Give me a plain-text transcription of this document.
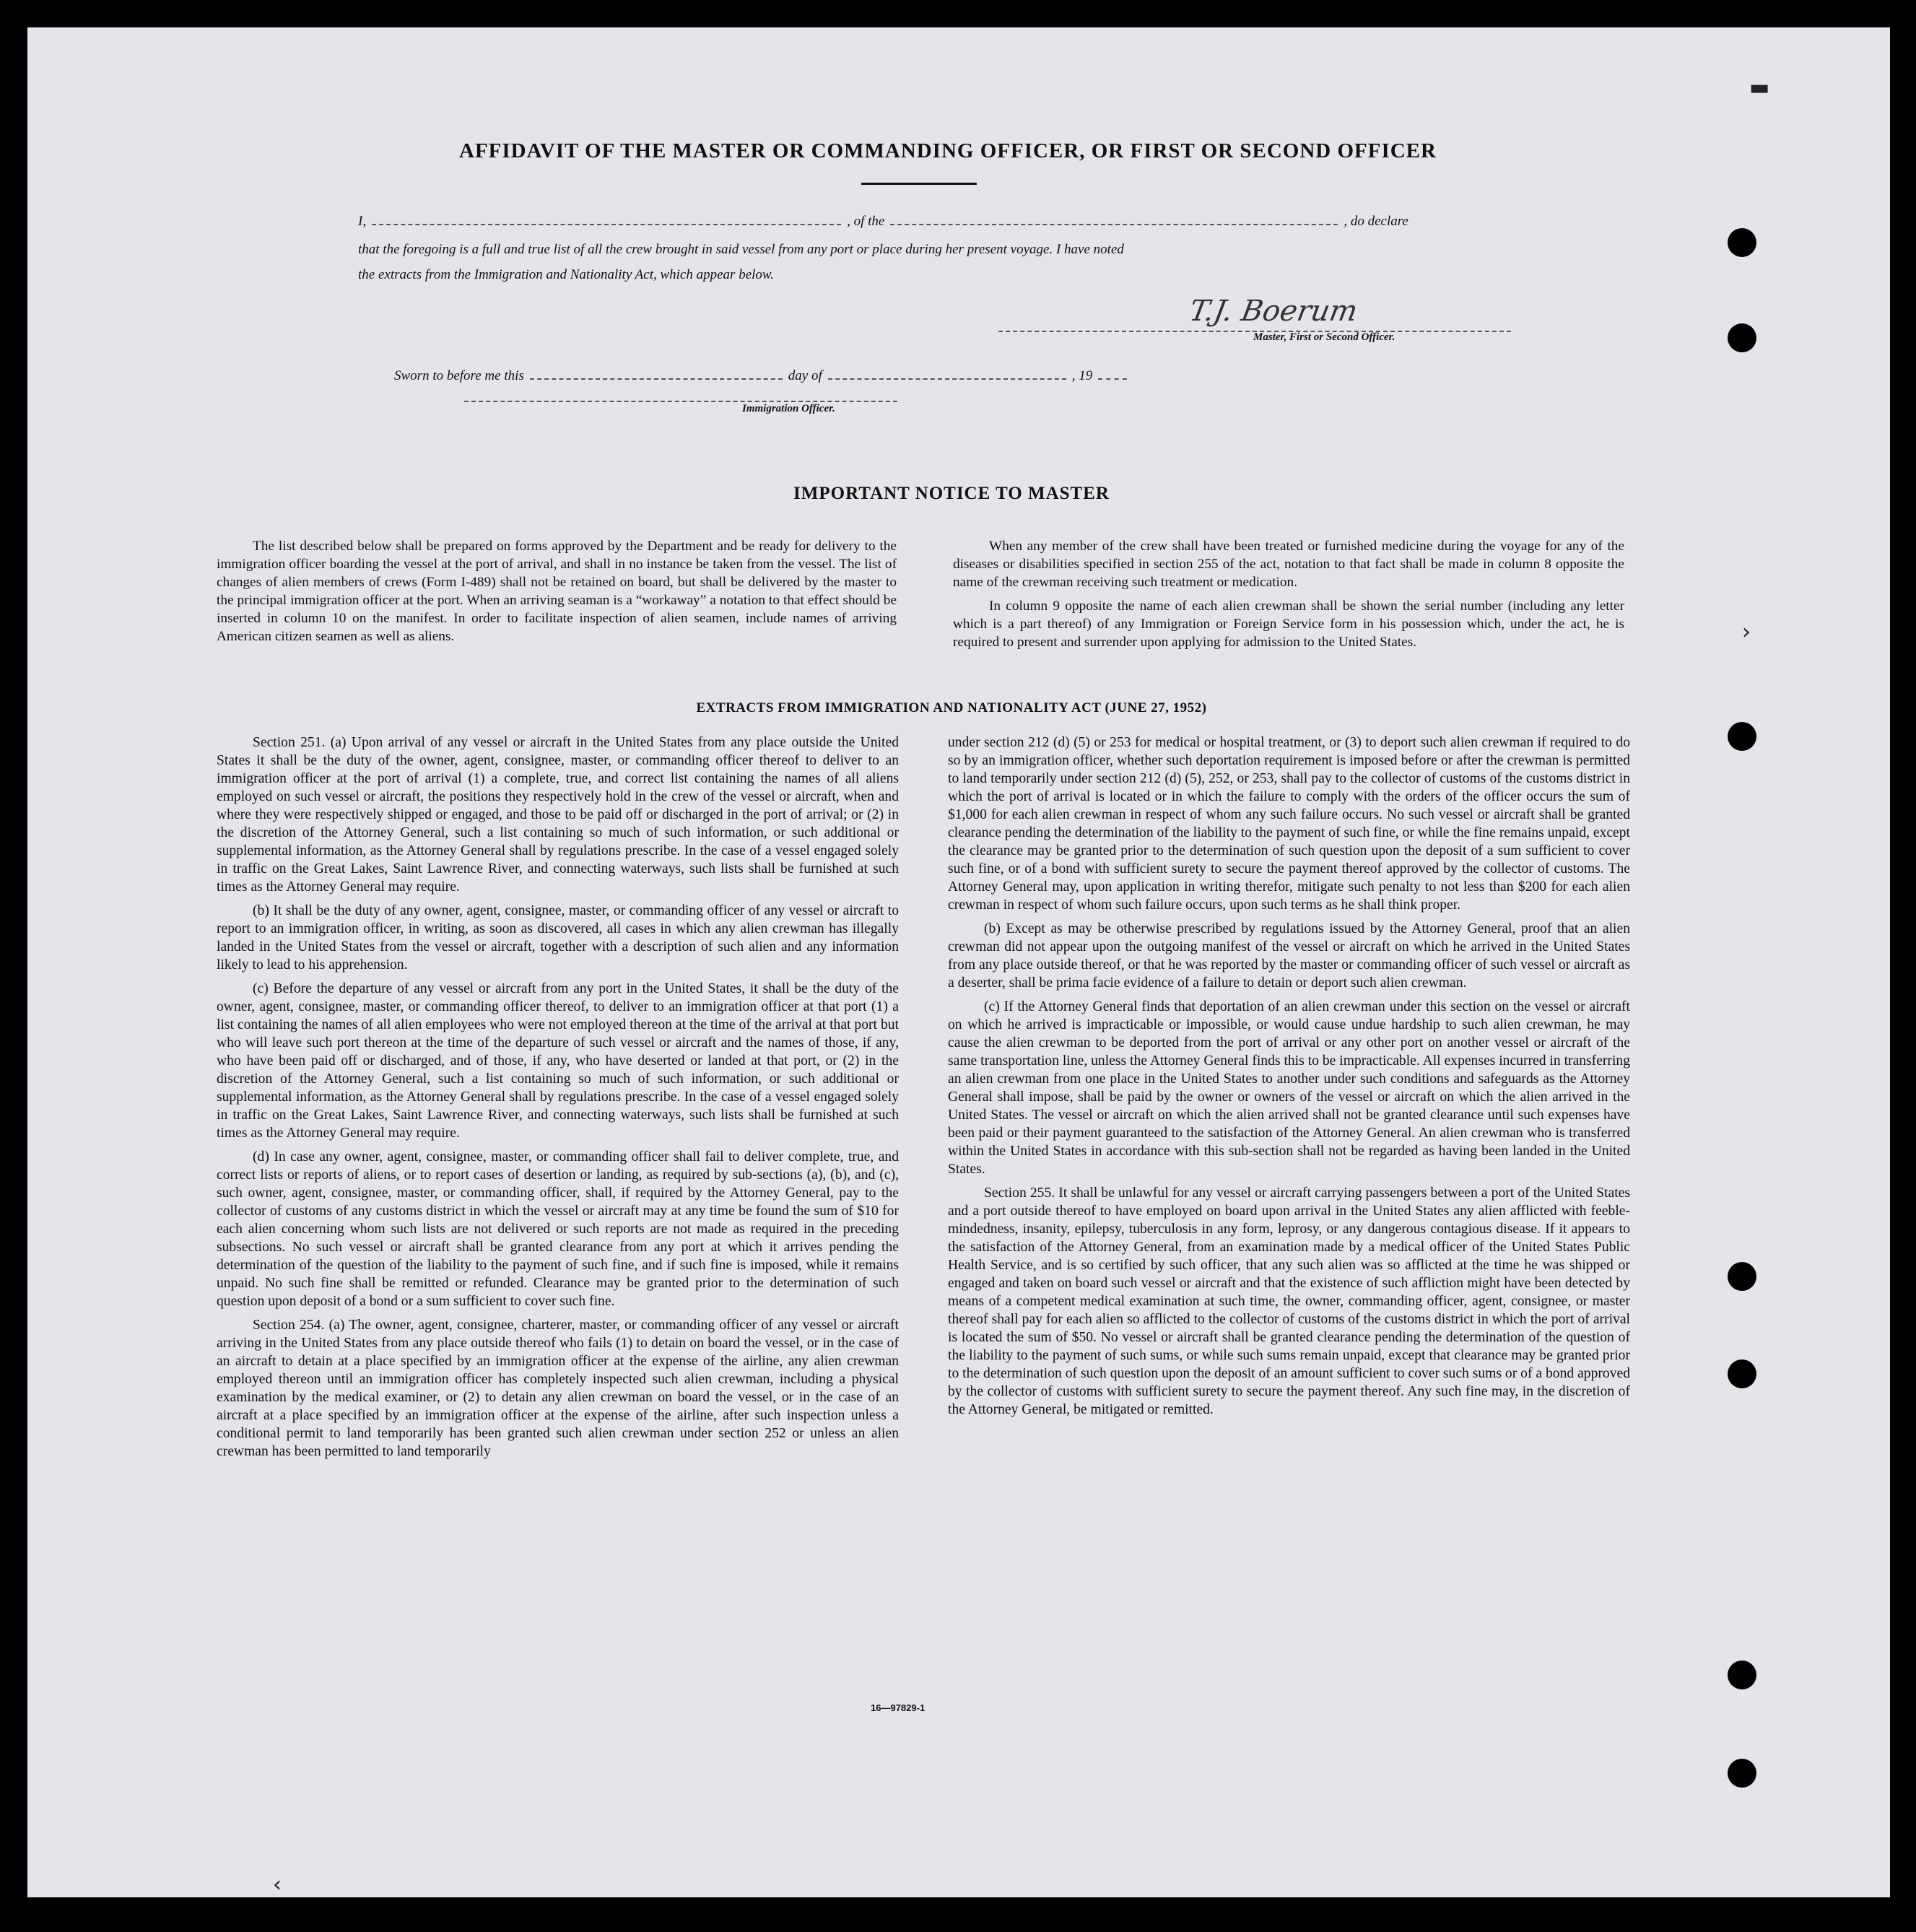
▬
›
‹
AFFIDAVIT OF THE MASTER OR COMMANDING OFFICER, OR FIRST OR SECOND OFFICER
I,	, of the	, do declare
that the foregoing is a full and true list of all the crew brought in said vessel from any port or place during her present voyage. I have noted
the extracts from the Immigration and Nationality Act, which appear below.
T.J. Boerum
Master, First or Second Officer.
Sworn to before me this	day of	, 19
Immigration Officer.
IMPORTANT NOTICE TO MASTER

The list described below shall be prepared on forms approved by the Department and be ready for delivery to the immigration officer boarding the vessel at the port of arrival, and shall in no instance be taken from the vessel. The list of changes of alien members of crews (Form I-489) shall not be retained on board, but shall be delivered by the master to the principal immigration officer at the port. When an arriving seaman is a “workaway” a notation to that effect should be inserted in column 10 on the manifest. In order to facilitate inspection of alien seamen, include names of arriving American citizen seamen as well as aliens.

When any member of the crew shall have been treated or furnished medicine during the voyage for any of the diseases or disabilities specified in section 255 of the act, notation to that fact shall be made in column 8 opposite the name of the crewman receiving such treatment or medication.

In column 9 opposite the name of each alien crewman shall be shown the serial number (including any letter which is a part thereof) of any Immigration or Foreign Service form in his possession which, under the act, he is required to present and surrender upon applying for admission to the United States.

EXTRACTS FROM IMMIGRATION AND NATIONALITY ACT (JUNE 27, 1952)

Section 251. (a) Upon arrival of any vessel or aircraft in the United States from any place outside the United States it shall be the duty of the owner, agent, consignee, master, or commanding officer thereof to deliver to an immigration officer at the port of arrival (1) a complete, true, and correct list containing the names of all aliens employed on such vessel or aircraft, the positions they respectively hold in the crew of the vessel or aircraft, when and where they were respectively shipped or engaged, and those to be paid off or discharged in the port of arrival; or (2) in the discretion of the Attorney General, such a list containing so much of such information, or such additional or supplemental information, as the Attorney General shall by regulations prescribe. In the case of a vessel engaged solely in traffic on the Great Lakes, Saint Lawrence River, and connecting waterways, such lists shall be furnished at such times as the Attorney General may require.

(b) It shall be the duty of any owner, agent, consignee, master, or commanding officer of any vessel or aircraft to report to an immigration officer, in writing, as soon as discovered, all cases in which any alien crewman has illegally landed in the United States from the vessel or aircraft, together with a description of such alien and any information likely to lead to his apprehension.

(c) Before the departure of any vessel or aircraft from any port in the United States, it shall be the duty of the owner, agent, consignee, master, or commanding officer thereof, to deliver to an immigration officer at that port (1) a list containing the names of all alien employees who were not employed thereon at the time of the arrival at that port but who will leave such port thereon at the time of the departure of such vessel or aircraft and the names of those, if any, who have been paid off or discharged, and of those, if any, who have deserted or landed at that port, or (2) in the discretion of the Attorney General, such a list containing so much of such information, or such additional or supplemental information, as the Attorney General shall by regulations prescribe. In the case of a vessel engaged solely in traffic on the Great Lakes, Saint Lawrence River, and connecting waterways, such lists shall be furnished at such times as the Attorney General may require.

(d) In case any owner, agent, consignee, master, or commanding officer shall fail to deliver complete, true, and correct lists or reports of aliens, or to report cases of desertion or landing, as required by sub-sections (a), (b), and (c), such owner, agent, consignee, master, or commanding officer, shall, if required by the Attorney General, pay to the collector of customs of any customs district in which the vessel or aircraft may at any time be found the sum of $10 for each alien concerning whom such lists are not delivered or such reports are not made as required in the preceding subsections. No such vessel or aircraft shall be granted clearance from any port at which it arrives pending the determination of the question of the liability to the payment of such fine, and if such fine is imposed, while it remains unpaid. No such fine shall be remitted or refunded. Clearance may be granted prior to the determination of such question upon deposit of a bond or a sum sufficient to cover such fine.

Section 254. (a) The owner, agent, consignee, charterer, master, or commanding officer of any vessel or aircraft arriving in the United States from any place outside thereof who fails (1) to detain on board the vessel, or in the case of an aircraft to detain at a place specified by an immigration officer at the expense of the airline, any alien crewman employed thereon until an immigration officer has completely inspected such alien crewman, including a physical examination by the medical examiner, or (2) to detain any alien crewman on board the vessel, or in the case of an aircraft at a place specified by an immigration officer at the expense of the airline, after such inspection unless a conditional permit to land temporarily has been granted such alien crewman under section 252 or unless an alien crewman has been permitted to land temporarily

under section 212 (d) (5) or 253 for medical or hospital treatment, or (3) to deport such alien crewman if required to do so by an immigration officer, whether such deportation requirement is imposed before or after the crewman is permitted to land temporarily under section 212 (d) (5), 252, or 253, shall pay to the collector of customs of the customs district in which the port of arrival is located or in which the failure to comply with the orders of the officer occurs the sum of $1,000 for each alien crewman in respect of whom any such failure occurs. No such vessel or aircraft shall be granted clearance pending the determination of the liability to the payment of such fine, or while the fine remains unpaid, except the clearance may be granted prior to the determination of such question upon the deposit of a sum sufficient to cover such fine, or of a bond with sufficient surety to secure the payment thereof approved by the collector of customs. The Attorney General may, upon application in writing therefor, mitigate such penalty to not less than $200 for each alien crewman in respect of whom such failure occurs, upon such terms as he shall think proper.

(b) Except as may be otherwise prescribed by regulations issued by the Attorney General, proof that an alien crewman did not appear upon the outgoing manifest of the vessel or aircraft on which he arrived in the United States from any place outside thereof, or that he was reported by the master or commanding officer of such vessel or aircraft as a deserter, shall be prima facie evidence of a failure to detain or deport such alien crewman.

(c) If the Attorney General finds that deportation of an alien crewman under this section on the vessel or aircraft on which he arrived is impracticable or impossible, or would cause undue hardship to such alien crewman, he may cause the alien crewman to be deported from the port of arrival or any other port on another vessel or aircraft of the same transportation line, unless the Attorney General finds this to be impracticable. All expenses incurred in transferring an alien crewman from one place in the United States to another under such conditions and safeguards as the Attorney General shall impose, shall be paid by the owner or owners of the vessel or aircraft on which the alien arrived in the United States. The vessel or aircraft on which the alien arrived shall not be granted clearance until such expenses have been paid or their payment guaranteed to the satisfaction of the Attorney General. An alien crewman who is transferred within the United States in accordance with this sub-section shall not be regarded as having been landed in the United States.

Section 255. It shall be unlawful for any vessel or aircraft carrying passengers between a port of the United States and a port outside thereof to have employed on board upon arrival in the United States any alien afflicted with feeble-mindedness, insanity, epilepsy, tuberculosis in any form, leprosy, or any dangerous contagious disease. If it appears to the satisfaction of the Attorney General, from an examination made by a medical officer of the United States Public Health Service, and is so certified by such officer, that any such alien was so afflicted at the time he was shipped or engaged and taken on board such vessel or aircraft and that the existence of such affliction might have been detected by means of a competent medical examination at such time, the owner, commanding officer, agent, consignee, or master thereof shall pay for each alien so afflicted to the collector of customs of the customs district in which the port of arrival is located the sum of $50. No vessel or aircraft shall be granted clearance pending the determination of the question of the liability to the payment of such sums, or while such sums remain unpaid, except that clearance may be granted prior to the determination of such question upon the deposit of an amount sufficient to cover such sums or of a bond approved by the collector of customs with sufficient surety to secure the payment thereof. Any such fine may, in the discretion of the Attorney General, be mitigated or remitted.

16—97829-1
